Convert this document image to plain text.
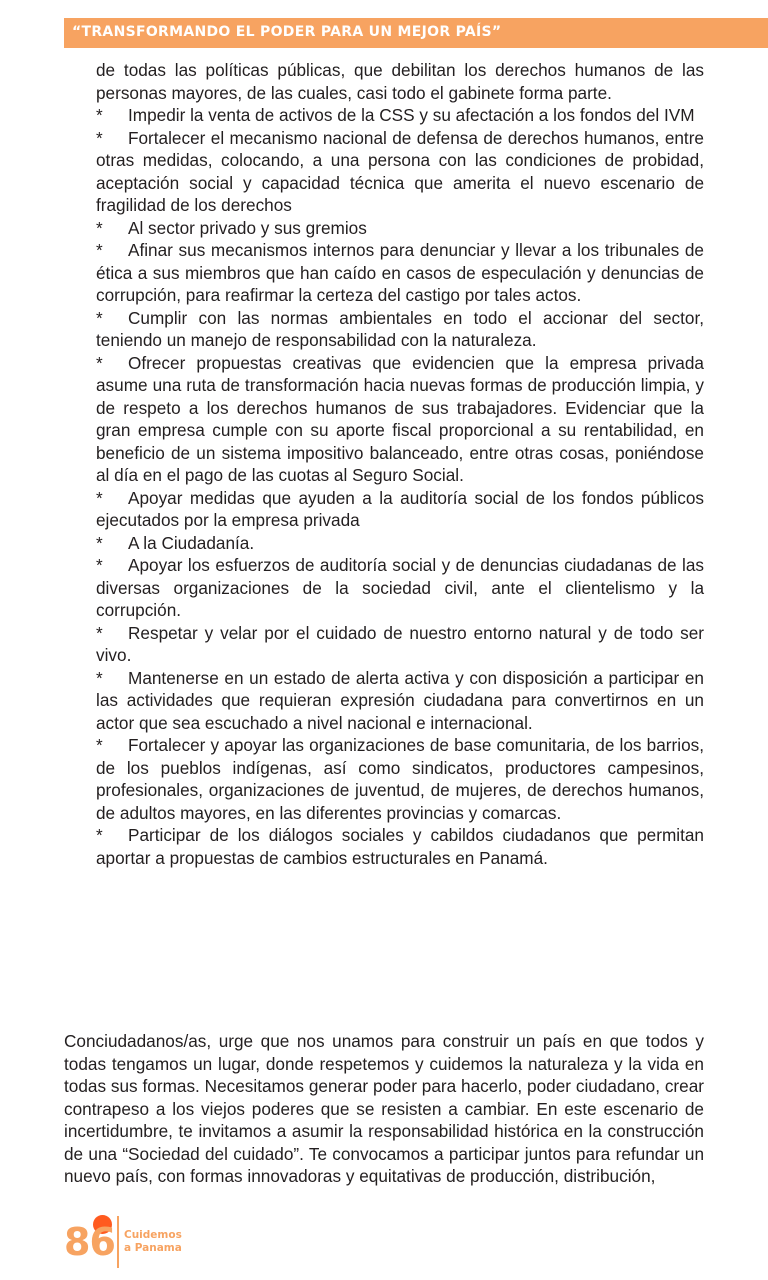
“TRANSFORMANDO EL PODER PARA UN MEJOR PAÍS”

de todas las políticas públicas, que debilitan los derechos humanos de las personas mayores, de las cuales, casi todo el gabinete forma parte.

* Impedir la venta de activos de la CSS y su afectación a los fondos del IVM

* Fortalecer el mecanismo nacional de defensa de derechos humanos, entre otras medidas, colocando, a una persona con las condiciones de probidad, aceptación social y capacidad técnica que amerita el nuevo escenario de fragilidad de los derechos

* Al sector privado y sus gremios

* Afinar sus mecanismos internos para denunciar y llevar a los tribunales de ética a sus miembros que han caído en casos de especulación y denuncias de corrupción, para reafirmar la certeza del castigo por tales actos.

* Cumplir con las normas ambientales en todo el accionar del sector, teniendo un manejo de responsabilidad con la naturaleza.

* Ofrecer propuestas creativas que evidencien que la empresa privada asume una ruta de transformación hacia nuevas formas de producción limpia, y de respeto a los derechos humanos de sus trabajadores. Evidenciar que la gran empresa cumple con su aporte fiscal proporcional a su rentabilidad, en beneficio de un sistema impositivo balanceado, entre otras cosas, poniéndose al día en el pago de las cuotas al Seguro Social.

* Apoyar medidas que ayuden a la auditoría social de los fondos públicos ejecutados por la empresa privada

* A la Ciudadanía.

* Apoyar los esfuerzos de auditoría social y de denuncias ciudadanas de las diversas organizaciones de la sociedad civil, ante el clientelismo y la corrupción.

* Respetar y velar por el cuidado de nuestro entorno natural y de todo ser vivo.

* Mantenerse en un estado de alerta activa y con disposición a participar en las actividades que requieran expresión ciudadana para convertirnos en un actor que sea escuchado a nivel nacional e internacional.

* Fortalecer y apoyar las organizaciones de base comunitaria, de los barrios, de los pueblos indígenas, así como sindicatos, productores campesinos, profesionales, organizaciones de juventud, de mujeres, de derechos humanos, de adultos mayores, en las diferentes provincias y comarcas.

* Participar de los diálogos sociales y cabildos ciudadanos que permitan aportar a propuestas de cambios estructurales en Panamá.

Conciudadanos/as, urge que nos unamos para construir un país en que todos y todas tengamos un lugar, donde respetemos y cuidemos la naturaleza y la vida en todas sus formas. Necesitamos generar poder para hacerlo, poder ciudadano, crear contrapeso a los viejos poderes que se resisten a cambiar. En este escenario de incertidumbre, te invitamos a asumir la responsabilidad histórica en la construcción de una “Sociedad del cuidado”. Te convocamos a participar juntos para refundar un nuevo país, con formas innovadoras y equitativas de producción, distribución,

86 Cuidemos
a Panama
